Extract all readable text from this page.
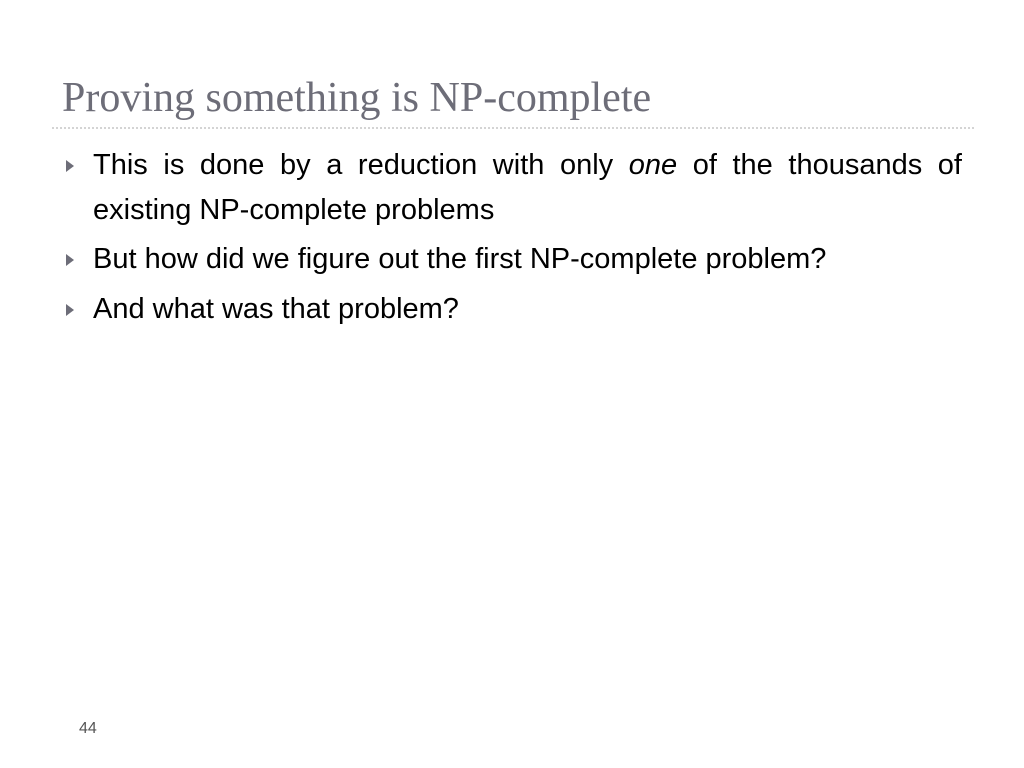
Proving something is NP-complete
This is done by a reduction with only one of the thousands of existing NP-complete problems
But how did we figure out the first NP-complete problem?
And what was that problem?
44
